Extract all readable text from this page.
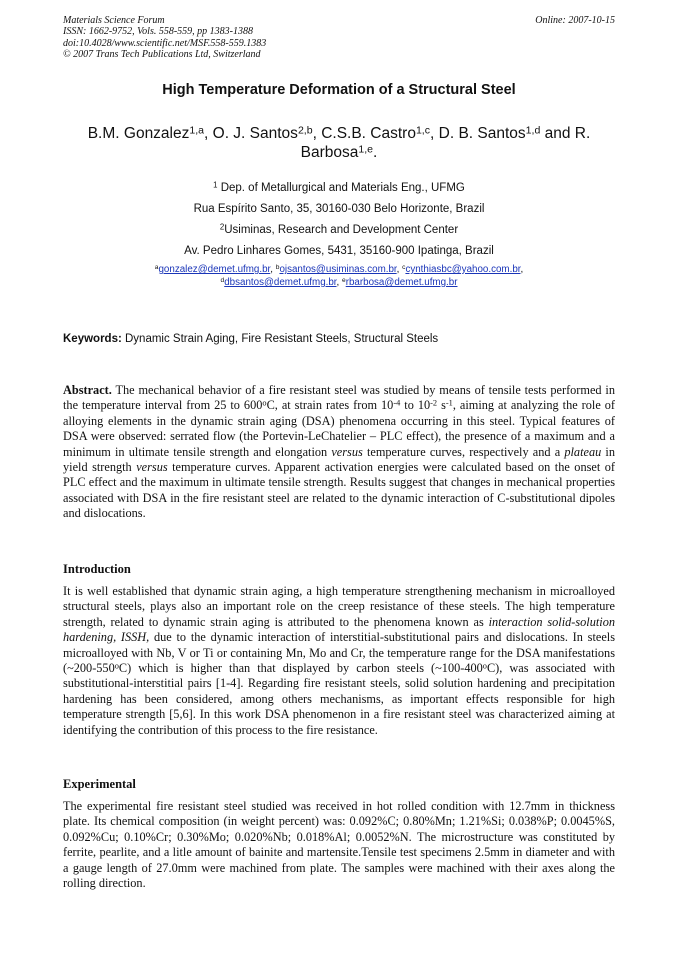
Materials Science Forum
ISSN: 1662-9752, Vols. 558-559, pp 1383-1388
doi:10.4028/www.scientific.net/MSF.558-559.1383
© 2007 Trans Tech Publications Ltd, Switzerland
Online: 2007-10-15
High Temperature Deformation of a Structural Steel
B.M. Gonzalez$^{1,a}$, O. J. Santos$^{2,b}$, C.S.B. Castro$^{1,c}$, D. B. Santos$^{1,d}$ and R. Barbosa$^{1,e}$.
$^1$ Dep. of Metallurgical and Materials Eng., UFMG
Rua Espírito Santo, 35, 30160-030 Belo Horizonte, Brazil
$^2$Usiminas, Research and Development Center
Av. Pedro Linhares Gomes, 5431, 35160-900 Ipatinga, Brazil
$^a$gonzalez@demet.ufmg.br, $^b$ojsantos@usiminas.com.br, $^c$cynthiasbc@yahoo.com.br,
$^d$dbsantos@demet.ufmg.br, $^e$rbarbosa@demet.ufmg.br
Keywords: Dynamic Strain Aging, Fire Resistant Steels, Structural Steels
Abstract. The mechanical behavior of a fire resistant steel was studied by means of tensile tests performed in the temperature interval from 25 to 600$^o$C, at strain rates from $10^{-4}$ to $10^{-2}$ $s^{-1}$, aiming at analyzing the role of alloying elements in the dynamic strain aging (DSA) phenomena occurring in this steel. Typical features of DSA were observed: serrated flow (the Portevin-LeChatelier – PLC effect), the presence of a maximum and a minimum in ultimate tensile strength and elongation versus temperature curves, respectively and a plateau in yield strength versus temperature curves. Apparent activation energies were calculated based on the onset of PLC effect and the maximum in ultimate tensile strength. Results suggest that changes in mechanical properties associated with DSA in the fire resistant steel are related to the dynamic interaction of C-substitutional dipoles and dislocations.
Introduction
It is well established that dynamic strain aging, a high temperature strengthening mechanism in microalloyed structural steels, plays also an important role on the creep resistance of these steels. The high temperature strength, related to dynamic strain aging is attributed to the phenomena known as interaction solid-solution hardening, ISSH, due to the dynamic interaction of interstitial-substitutional pairs and dislocations. In steels microalloyed with Nb, V or Ti or containing Mn, Mo and Cr, the temperature range for the DSA manifestations (~200-550$^o$C) which is higher than that displayed by carbon steels (~100-400$^o$C), was associated with substitutional-interstitial pairs [1-4]. Regarding fire resistant steels, solid solution hardening and precipitation hardening has been considered, among others mechanisms, as important effects responsible for high temperature strength [5,6]. In this work DSA phenomenon in a fire resistant steel was characterized aiming at identifying the contribution of this process to the fire resistance.
Experimental
The experimental fire resistant steel studied was received in hot rolled condition with 12.7mm in thickness plate. Its chemical composition (in weight percent) was: 0.092%C; 0.80%Mn; 1.21%Si; 0.038%P; 0.0045%S, 0.092%Cu; 0.10%Cr; 0.30%Mo; 0.020%Nb; 0.018%Al; 0.0052%N. The microstructure was constituted by ferrite, pearlite, and a litle amount of bainite and martensite.Tensile test specimens 2.5mm in diameter and with a gauge length of 27.0mm were machined from plate. The samples were machined with their axes along the rolling direction.
